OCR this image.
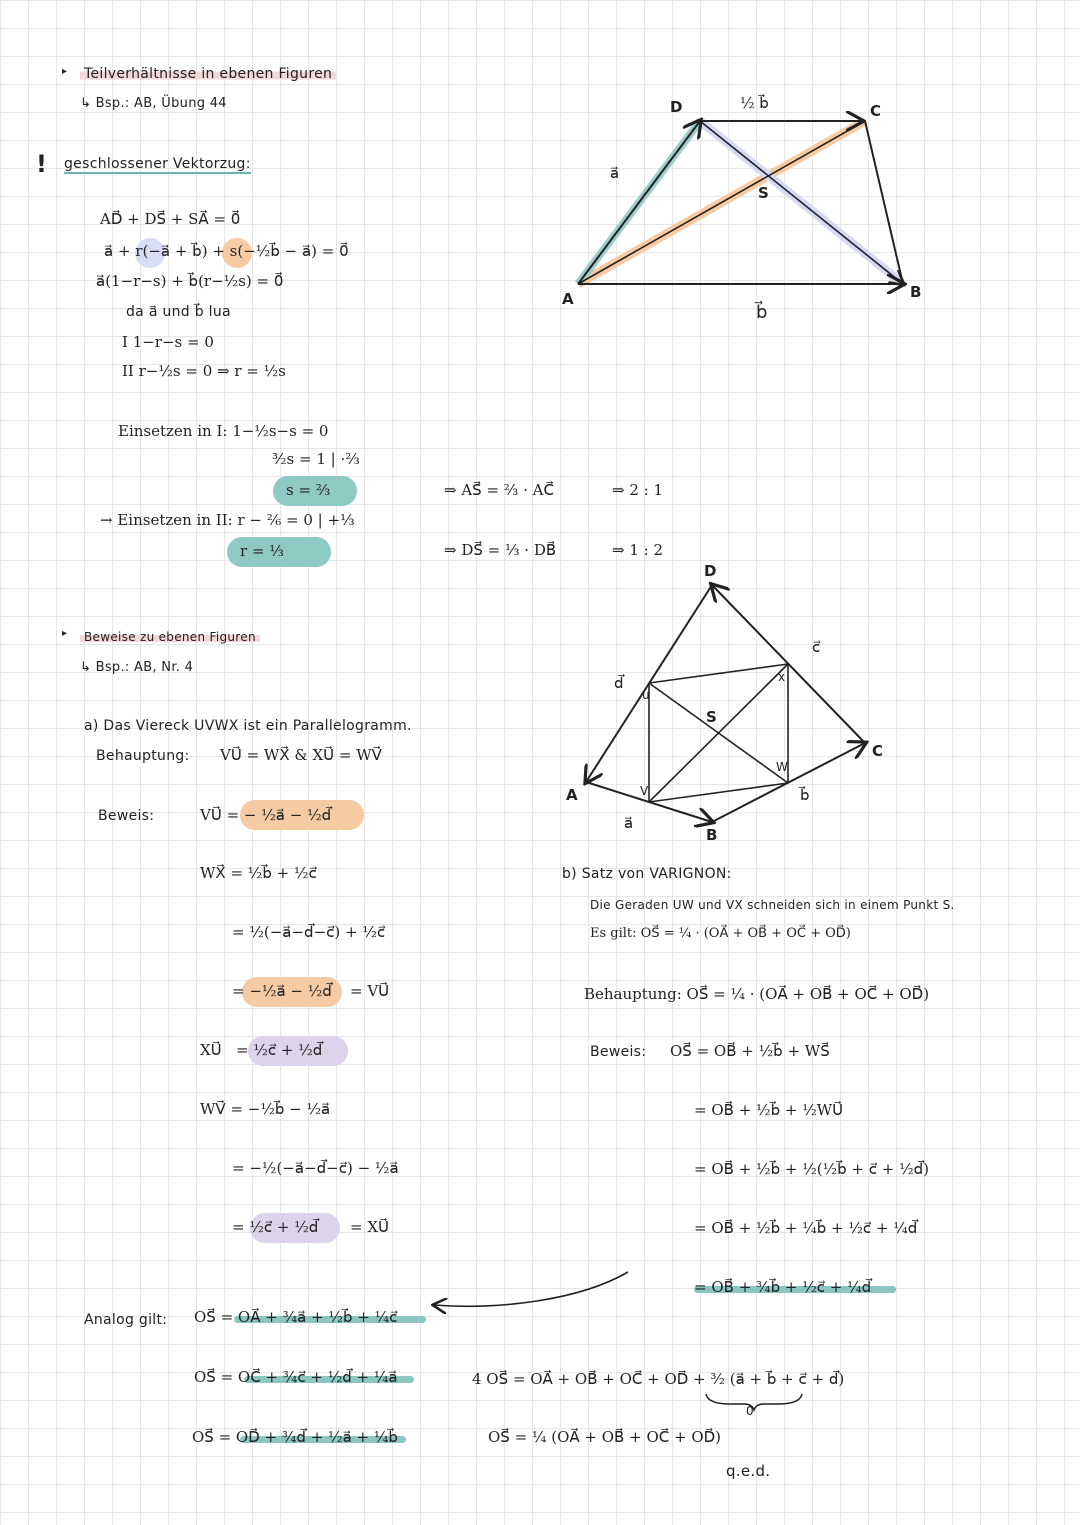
▸ Teilverhältnisse in ebenen Figuren
↳ Bsp.: AB, Übung 44
! geschlossener Vektorzug:
AD⃗ + DS⃗ + SA⃗ = 0⃗
a⃗ + r(−a⃗ + b⃗) + s(−½b⃗ − a⃗) = 0⃗
a⃗(1−r−s) + b⃗(r−½s) = 0⃗
da a⃗ und b⃗ lua
I 1−r−s = 0
II r−½s = 0 ⇒ r = ½s
Einsetzen in I: 1−½s−s = 0
³⁄₂s = 1 | ·⅔
s = ⅔
→ Einsetzen in II: r − ²⁄₆ = 0 | +⅓
r = ⅓
⇒ AS⃗ = ⅔ · AC⃗	⇒ 2 : 1
⇒ DS⃗ = ⅓ · DB⃗	⇒ 1 : 2
D	C
A	B
S
½ b⃗
a⃗
b⃗
▸	Beweise zu ebenen Figuren
↳ Bsp.: AB, Nr. 4
a) Das Viereck UVWX ist ein Parallelogramm.
Behauptung: VU⃗ = WX⃗ & XU⃗ = WV⃗
Beweis:	VU⃗ = − ½a⃗ − ½d⃗
WX⃗ = ½b⃗ + ½c⃗
= ½(−a⃗−d⃗−c⃗) + ½c⃗
= −½a⃗ − ½d⃗ = VU⃗
XU⃗ = ½c⃗ + ½d⃗
WV⃗ = −½b⃗ − ½a⃗
= −½(−a⃗−d⃗−c⃗) − ½a⃗
= ½c⃗ + ½d⃗ = XU⃗
D
C
A
B
S
u
V
W
x
c⃗
d⃗
a⃗
b⃗
b) Satz von VARIGNON:
Die Geraden UW und VX schneiden sich in einem Punkt S.
Es gilt: OS⃗ = ¼ · (OA⃗ + OB⃗ + OC⃗ + OD⃗)
Behauptung: OS⃗ = ¼ · (OA⃗ + OB⃗ + OC⃗ + OD⃗)
Beweis: OS⃗ = OB⃗ + ½b⃗ + WS⃗
= OB⃗ + ½b⃗ + ½WU⃗
= OB⃗ + ½b⃗ + ½(½b⃗ + c⃗ + ½d⃗)
= OB⃗ + ½b⃗ + ¼b⃗ + ½c⃗ + ¼d⃗
= OB⃗ + ¾b⃗ + ½c⃗ + ¼d⃗
Analog gilt: OS⃗ = OA⃗ + ¾a⃗ + ½b⃗ + ¼c⃗
OS⃗ = OC⃗ + ¾c⃗ + ½d⃗ + ¼a⃗
OS⃗ = OD⃗ + ¾d⃗ + ½a⃗ + ¼b⃗
4 OS⃗ = OA⃗ + OB⃗ + OC⃗ + OD⃗ + ³⁄₂ (a⃗ + b⃗ + c⃗ + d⃗)
0⃗
OS⃗ = ¼ (OA⃗ + OB⃗ + OC⃗ + OD⃗)
q.e.d.
